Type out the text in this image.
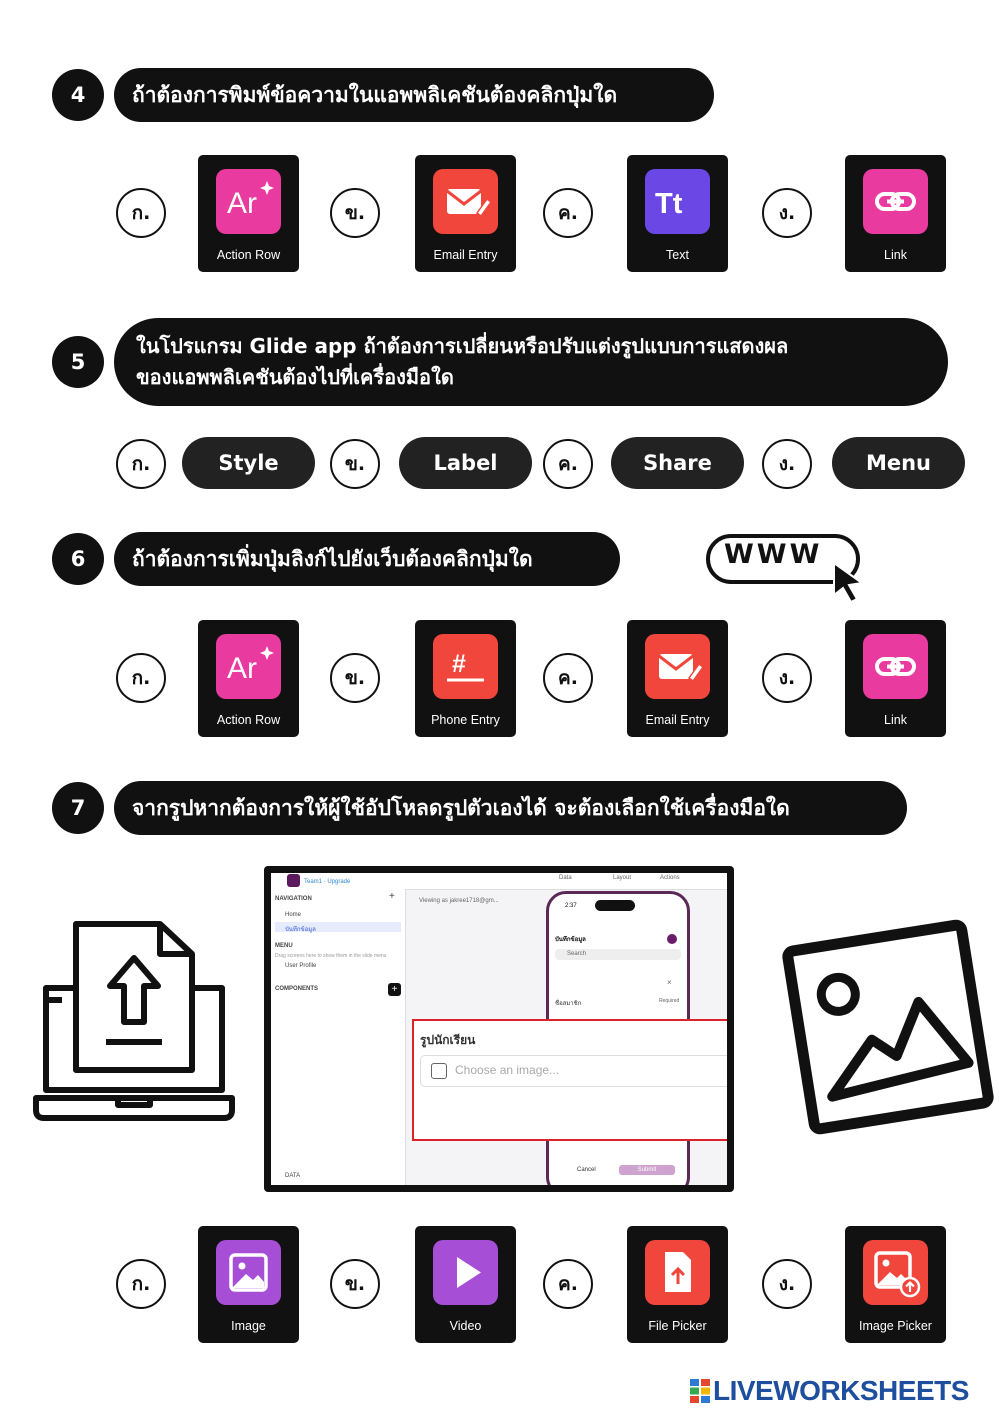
4	ถ้าต้องการพิมพ์ข้อความในแอพพลิเคชันต้องคลิกปุ่มใด
ก.	Ar
Action Row
ข.
Email Entry
ค.	Tt
Text
ง.
Link
5
ในโปรแกรม Glide app ถ้าต้องการเปลี่ยนหรือปรับแต่งรูปแบบการแสดงผล
ของแอพพลิเคชันต้องไปที่เครื่องมือใด
ก.	Style	ข.	Label	ค.	Share	ง.	Menu
6	ถ้าต้องการเพิ่มปุ่มลิงก์ไปยังเว็บต้องคลิกปุ่มใด	WWW
ก.	Ar
Action Row
ข.	#
Phone Entry
ค.
Email Entry
ง.
Link
7	จากรูปหากต้องการให้ผู้ใช้อัปโหลดรูปตัวเองได้ จะต้องเลือกใช้เครื่องมือใด
Team1 · Upgrade
Data	Layout	Actions
NAVIGATION	+
Home
บันทึกข้อมูล
MENU
Drag screens here to show them in the slide menu
User Profile
COMPONENTS	+
DATA
Viewing as jakree1718@gm...
2:37
บันทึกข้อมูล
Search
ชื่อสมาชิก	Required
×
Cancel	Submit
รูปนักเรียน
Choose an image...
ก.
Image
ข.
Video
ค.
File Picker
ง.
Image Picker
LIVEWORKSHEETS
